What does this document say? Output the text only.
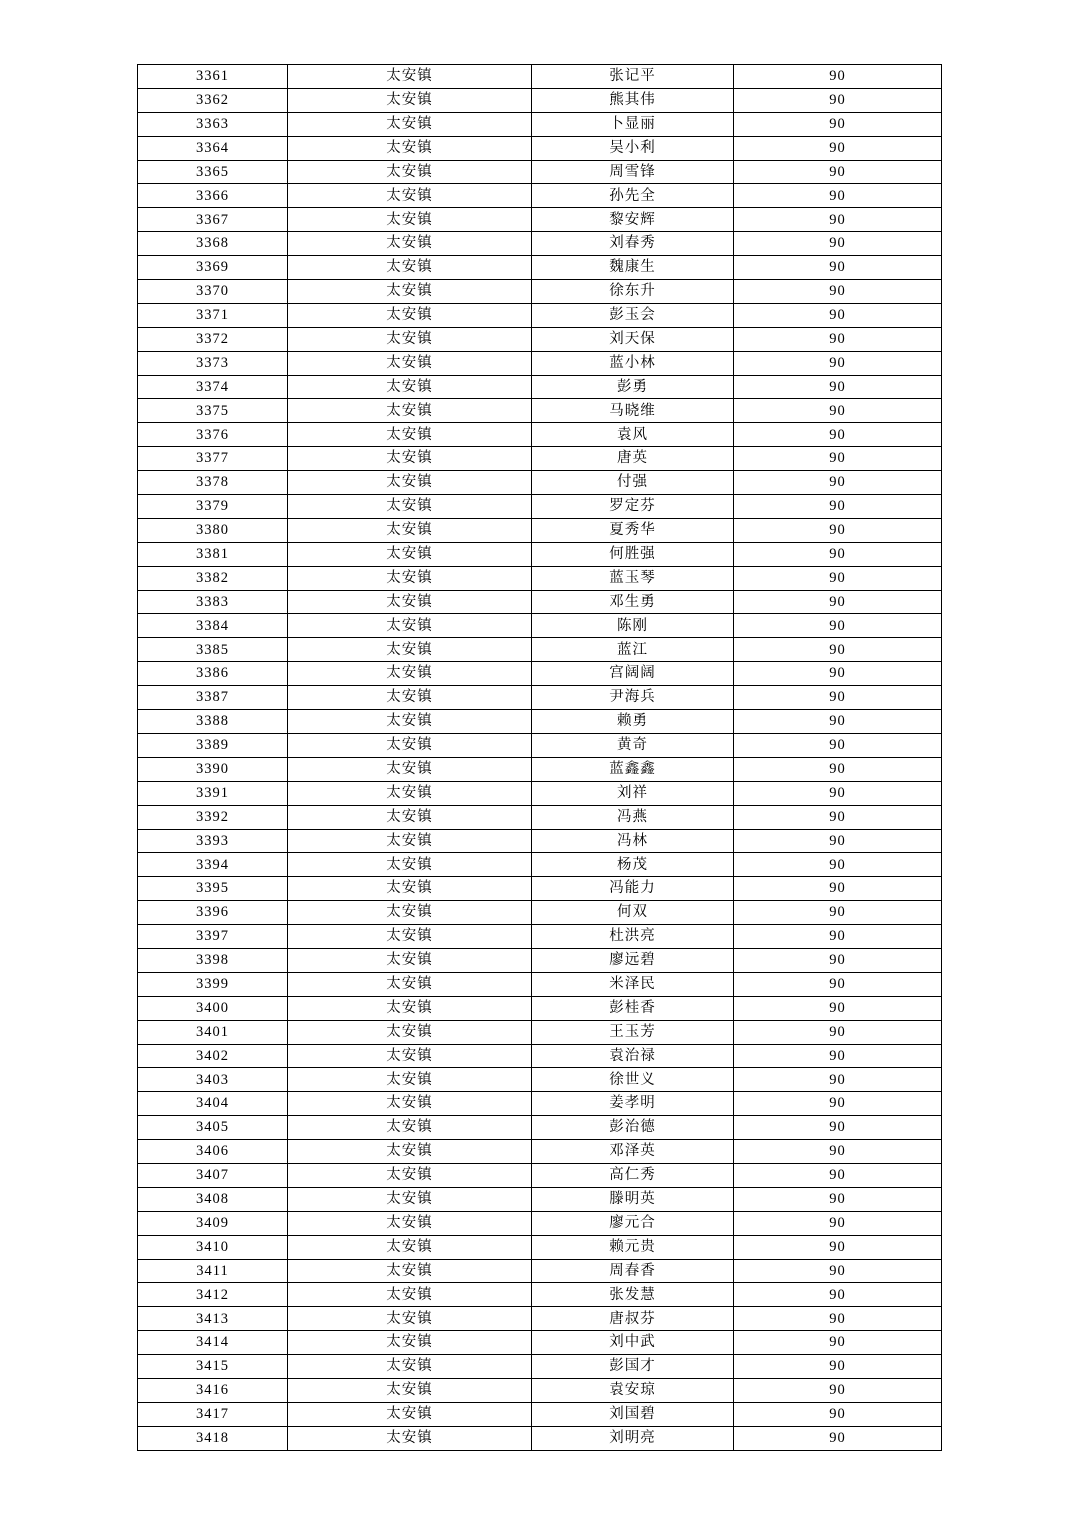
3361	太安镇	张记平	90
3362	太安镇	熊其伟	90
3363	太安镇	卜显丽	90
3364	太安镇	吴小利	90
3365	太安镇	周雪锋	90
3366	太安镇	孙先全	90
3367	太安镇	黎安辉	90
3368	太安镇	刘春秀	90
3369	太安镇	魏康生	90
3370	太安镇	徐东升	90
3371	太安镇	彭玉会	90
3372	太安镇	刘天保	90
3373	太安镇	蓝小林	90
3374	太安镇	彭勇	90
3375	太安镇	马晓维	90
3376	太安镇	袁风	90
3377	太安镇	唐英	90
3378	太安镇	付强	90
3379	太安镇	罗定芬	90
3380	太安镇	夏秀华	90
3381	太安镇	何胜强	90
3382	太安镇	蓝玉琴	90
3383	太安镇	邓生勇	90
3384	太安镇	陈刚	90
3385	太安镇	蓝江	90
3386	太安镇	宫阔阔	90
3387	太安镇	尹海兵	90
3388	太安镇	赖勇	90
3389	太安镇	黄奇	90
3390	太安镇	蓝鑫鑫	90
3391	太安镇	刘祥	90
3392	太安镇	冯燕	90
3393	太安镇	冯林	90
3394	太安镇	杨茂	90
3395	太安镇	冯能力	90
3396	太安镇	何双	90
3397	太安镇	杜洪亮	90
3398	太安镇	廖远碧	90
3399	太安镇	米泽民	90
3400	太安镇	彭桂香	90
3401	太安镇	王玉芳	90
3402	太安镇	袁治禄	90
3403	太安镇	徐世义	90
3404	太安镇	姜孝明	90
3405	太安镇	彭治德	90
3406	太安镇	邓泽英	90
3407	太安镇	高仁秀	90
3408	太安镇	滕明英	90
3409	太安镇	廖元合	90
3410	太安镇	赖元贵	90
3411	太安镇	周春香	90
3412	太安镇	张发慧	90
3413	太安镇	唐叔芬	90
3414	太安镇	刘中武	90
3415	太安镇	彭国才	90
3416	太安镇	袁安琼	90
3417	太安镇	刘国碧	90
3418	太安镇	刘明亮	90
